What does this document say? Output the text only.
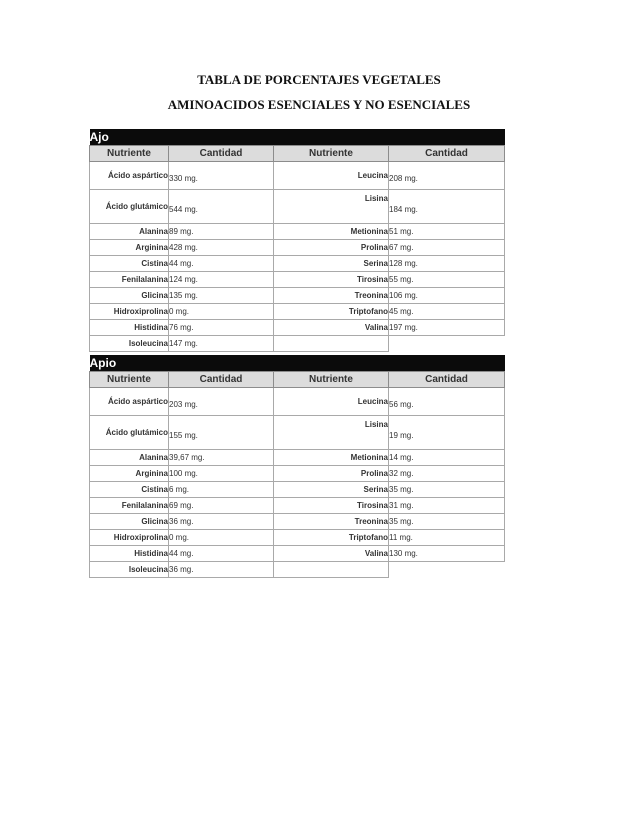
TABLA DE PORCENTAJES VEGETALES
AMINOACIDOS ESENCIALES Y NO ESENCIALES
Ajo			
Nutriente	Cantidad	Nutriente	Cantidad
Ácido aspártico	330 mg.	Leucina	208 mg.
Ácido glutámico	544 mg.	Lisina	184 mg.
Alanina	89 mg.	Metionina	51 mg.
Arginina	428 mg.	Prolina	67 mg.
Cistina	44 mg.	Serina	128 mg.
Fenilalanina	124 mg.	Tirosina	55 mg.
Glicina	135 mg.	Treonina	106 mg.
Hidroxiprolina	0 mg.	Triptofano	45 mg.
Histidina	76 mg.	Valina	197 mg.
Isoleucina	147 mg.		
Apio			
Nutriente	Cantidad	Nutriente	Cantidad
Ácido aspártico	203 mg.	Leucina	56 mg.
Ácido glutámico	155 mg.	Lisina	19 mg.
Alanina	39,67 mg.	Metionina	14 mg.
Arginina	100 mg.	Prolina	32 mg.
Cistina	6 mg.	Serina	35 mg.
Fenilalanina	69 mg.	Tirosina	31 mg.
Glicina	36 mg.	Treonina	35 mg.
Hidroxiprolina	0 mg.	Triptofano	11 mg.
Histidina	44 mg.	Valina	130 mg.
Isoleucina	36 mg.		
